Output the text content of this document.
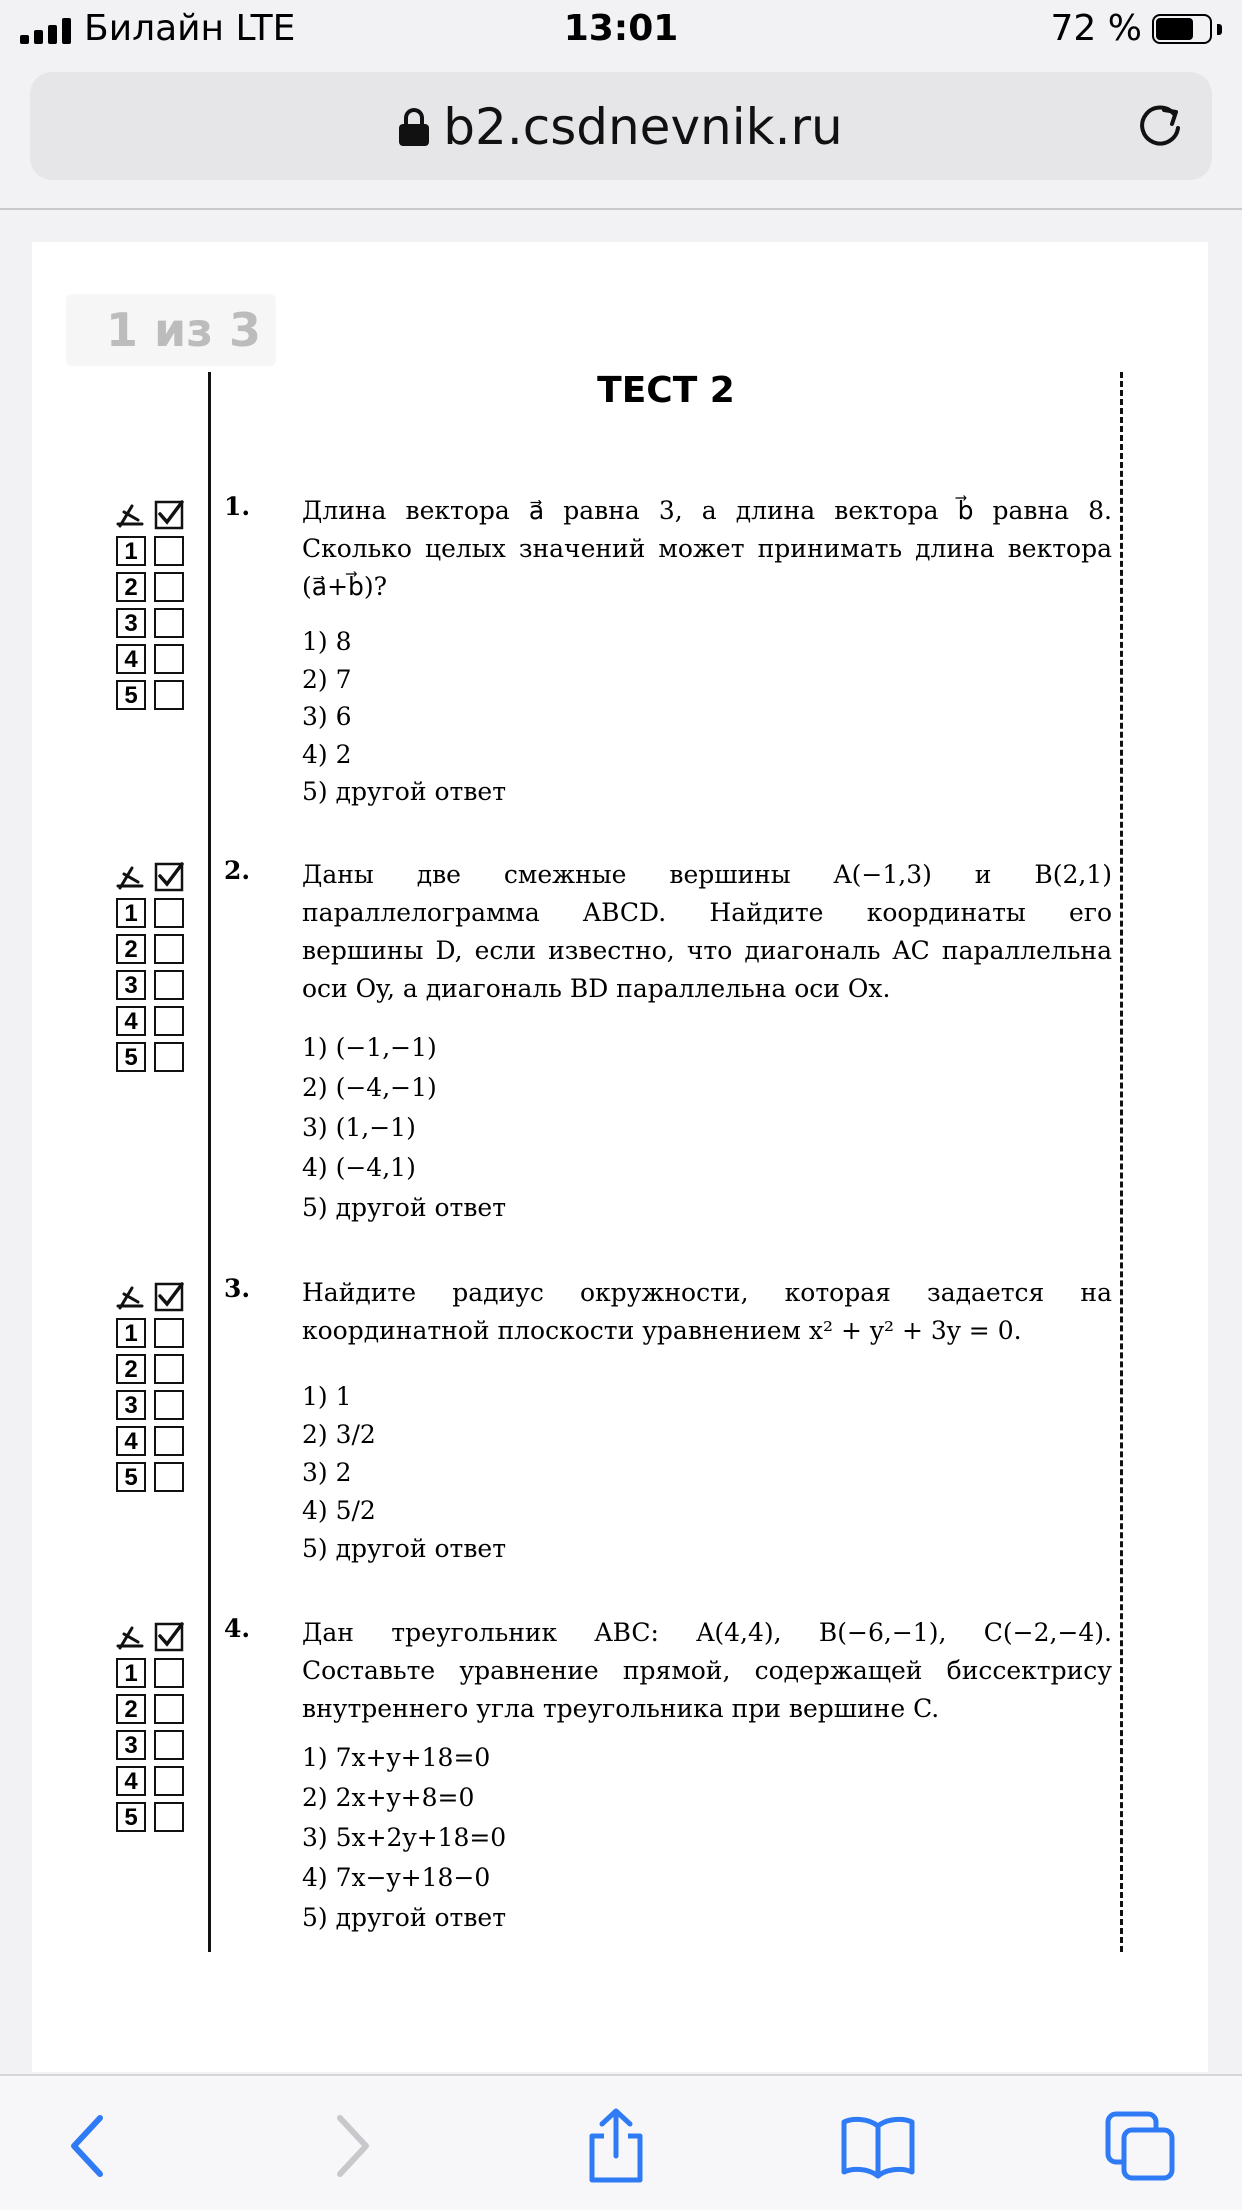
Билайн LTE	13:01	72 %
b2.csdnevnik.ru
1 из 3
ТЕСТ 2
1. Длина вектора a⃗ равна 3, а длина вектора b⃗ равна 8.
Сколько целых значений может принимать длина вектора
(a⃗+b⃗)?
1) 8
2) 7
3) 6
4) 2
5) другой ответ
2. Даны две смежные вершины A(−1,3) и B(2,1)
параллелограмма ABCD. Найдите координаты его
вершины D, если известно, что диагональ AC параллельна
оси Oy, а диагональ BD параллельна оси Ox.
1) (−1,−1)
2) (−4,−1)
3) (1,−1)
4) (−4,1)
5) другой ответ
3. Найдите радиус окружности, которая задается на
координатной плоскости уравнением x² + y² + 3y = 0.
1) 1
2) 3/2
3) 2
4) 5/2
5) другой ответ
4. Дан треугольник ABC: A(4,4), B(−6,−1), C(−2,−4).
Составьте уравнение прямой, содержащей биссектрису
внутреннего угла треугольника при вершине C.
1) 7x+y+18=0
2) 2x+y+8=0
3) 5x+2y+18=0
4) 7x−y+18−0
5) другой ответ
1
2
3
4
5
1
2
3
4
5
1
2
3
4
5
1
2
3
4
5
